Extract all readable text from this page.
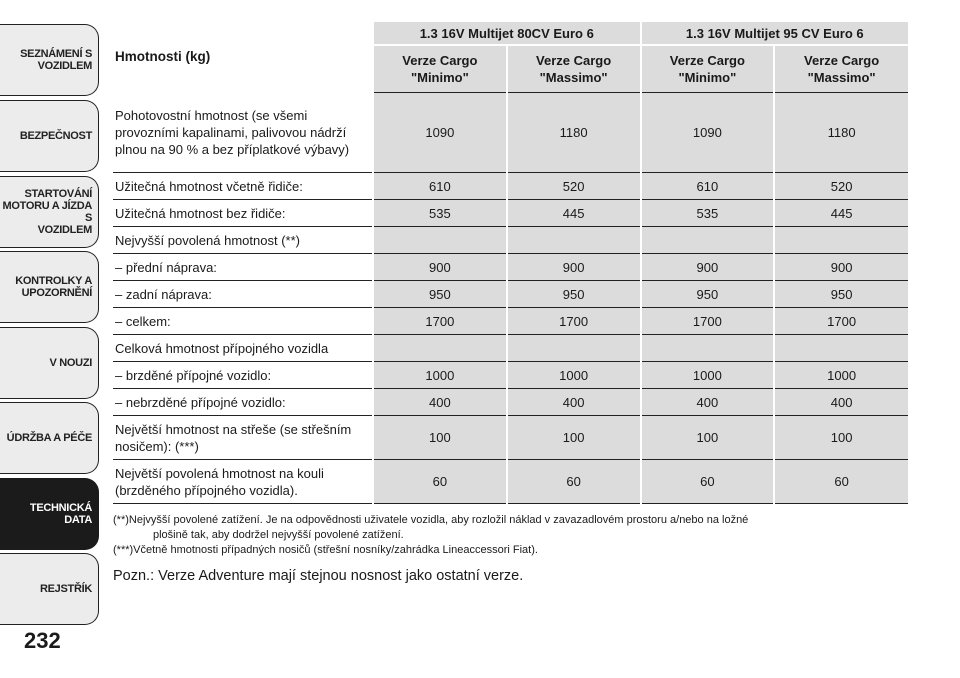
SEZNÁMENÍ S
VOZIDLEM
BEZPEČNOST
STARTOVÁNÍ
MOTORU A JÍZDA S
VOZIDLEM
KONTROLKY A
UPOZORNĚNÍ
V NOUZI
ÚDRŽBA A PÉČE
TECHNICKÁ DATA
REJSTŘÍK
232
Hmotnosti (kg)	1.3 16V Multijet 80CV Euro 6		1.3 16V Multijet 95 CV Euro 6	
	Verze Cargo "Minimo"	Verze Cargo "Massimo"	Verze Cargo "Minimo"	Verze Cargo "Massimo"
Pohotovostní hmotnost (se všemi provozními kapalinami, palivovou nádrží plnou na 90 % a bez příplatkové výbavy)	1090	1180	1090	1180
Užitečná hmotnost včetně řidiče:	610	520	610	520
Užitečná hmotnost bez řidiče:	535	445	535	445
Nejvyšší povolená hmotnost (**)				
– přední náprava:	900	900	900	900
– zadní náprava:	950	950	950	950
– celkem:	1700	1700	1700	1700
Celková hmotnost přípojného vozidla				
– brzděné přípojné vozidlo:	1000	1000	1000	1000
– nebrzděné přípojné vozidlo:	400	400	400	400
Největší hmotnost na střeše (se střešním nosičem): (***)	100	100	100	100
Největší povolená hmotnost na kouli (brzděného přípojného vozidla).	60	60	60	60

(**)Nejvyšší povolené zatížení. Je na odpovědnosti uživatele vozidla, aby rozložil náklad v zavazadlovém prostoru a/nebo na ložné
plošině tak, aby dodržel nejvyšší povolené zatížení.

(***)Včetně hmotnosti případných nosičů (střešní nosníky/zahrádka Lineaccessori Fiat).

Pozn.: Verze Adventure mají stejnou nosnost jako ostatní verze.
